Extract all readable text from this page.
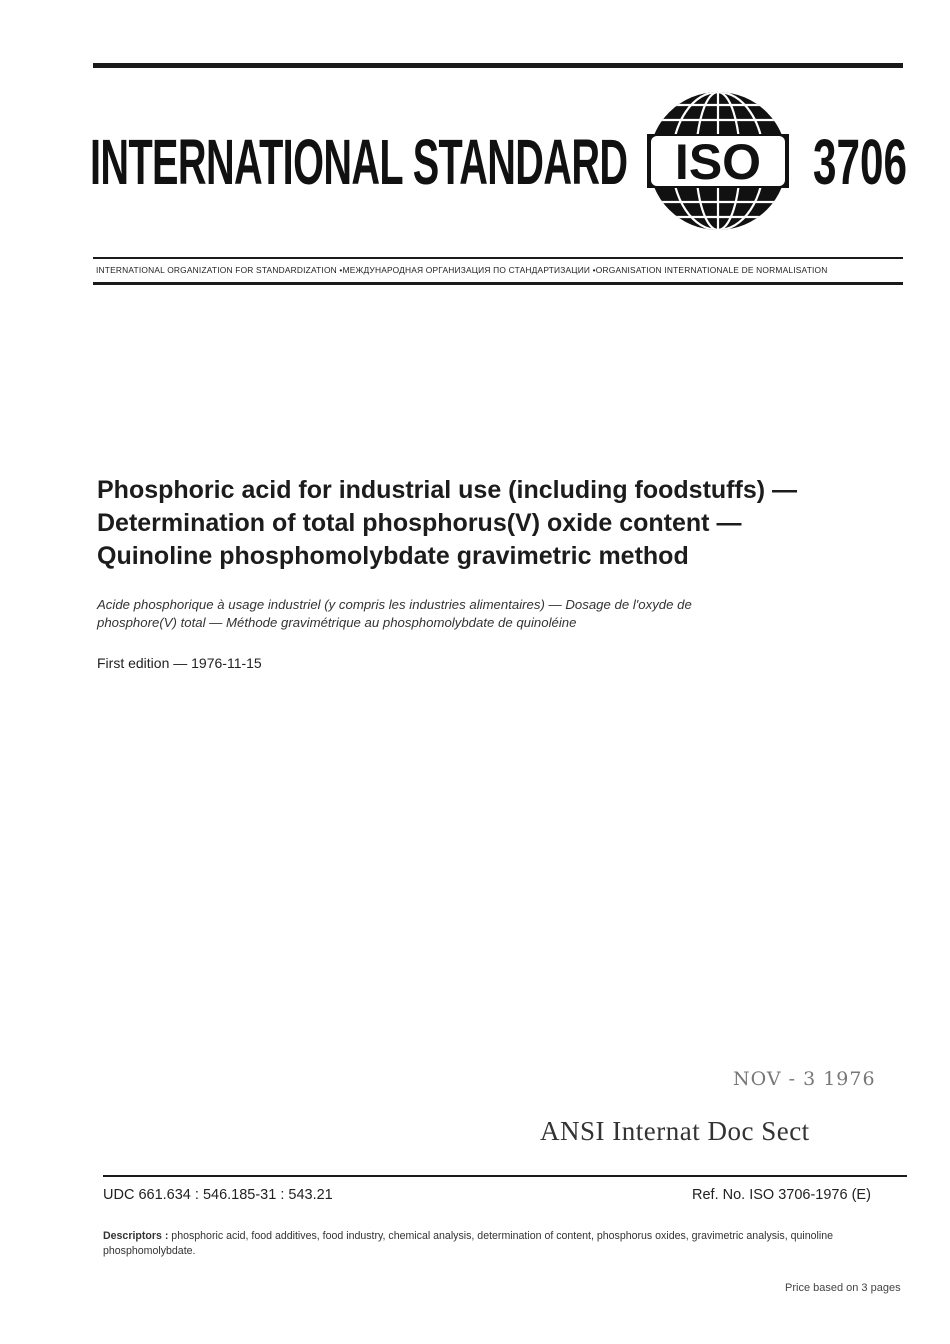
INTERNATIONAL STANDARD ISO 3706
INTERNATIONAL ORGANIZATION FOR STANDARDIZATION •МЕЖДУНАРОДНАЯ ОРГАНИЗАЦИЯ ПО СТАНДАРТИЗАЦИИ •ORGANISATION INTERNATIONALE DE NORMALISATION
Phosphoric acid for industrial use (including foodstuffs) —
Determination of total phosphorus(V) oxide content —
Quinoline phosphomolybdate gravimetric method
Acide phosphorique à usage industriel (y compris les industries alimentaires) — Dosage de l'oxyde de
phosphore(V) total — Méthode gravimétrique au phosphomolybdate de quinoléine
First edition — 1976-11-15
NOV - 3 1976
ANSI Internat Doc Sect
UDC 661.634 : 546.185-31 : 543.21	Ref. No. ISO 3706-1976 (E)
Descriptors : phosphoric acid, food additives, food industry, chemical analysis, determination of content, phosphorus oxides, gravimetric analysis, quinoline phosphomolybdate.
Price based on 3 pages
